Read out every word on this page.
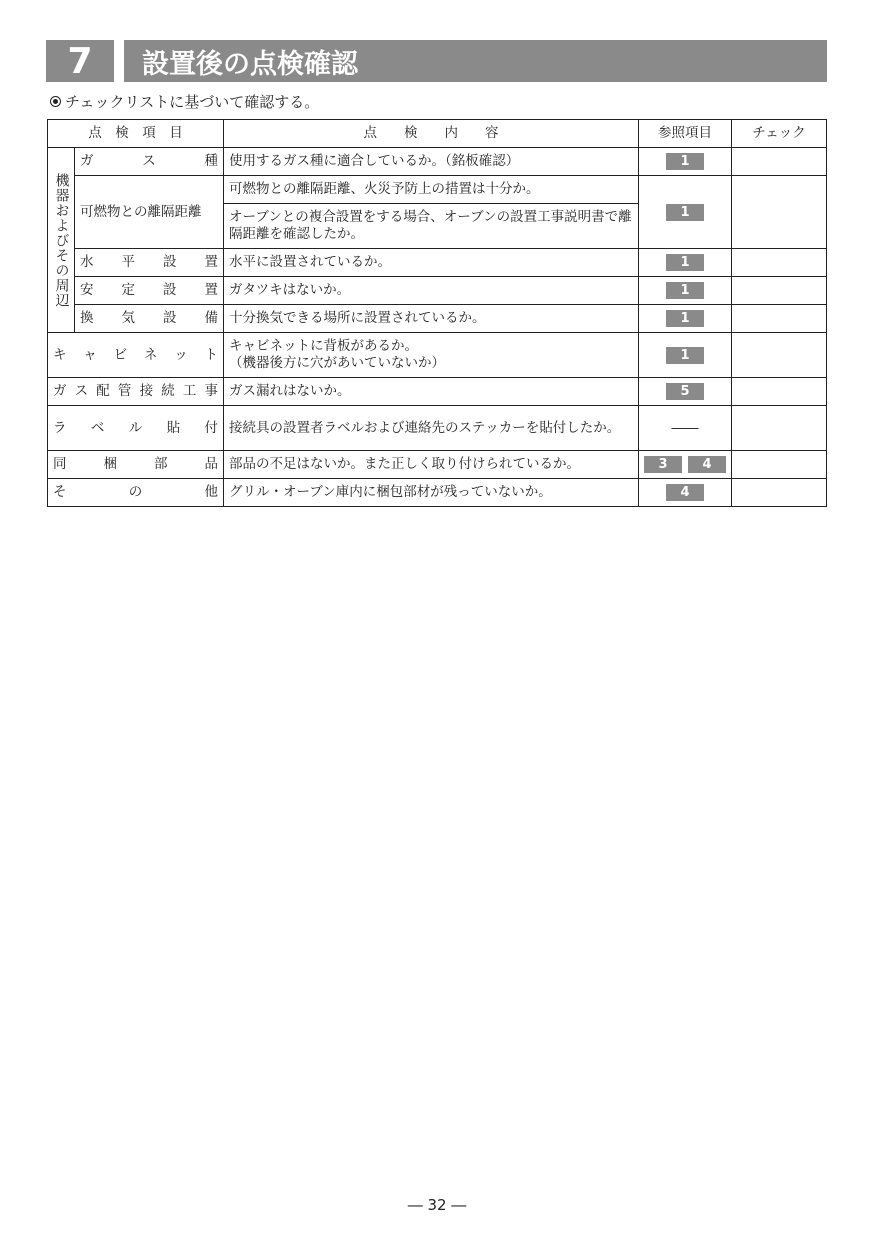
7	設置後の点検確認
チェックリストに基づいて確認する。
点　検　項　目		点　　検　　内　　容	参照項目	チェック
機器およびその周辺	ガス種	使用するガス種に適合しているか。（銘板確認）	1	
	可燃物との離隔距離	可燃物との離隔距離、火災予防上の措置は十分か。	1	
		オーブンとの複合設置をする場合、オーブンの設置工事説明書で離隔距離を確認したか。		
	水平設置	水平に設置されているか。	1	
	安定設置	ガタツキはないか。	1	
	換気設備	十分換気できる場所に設置されているか。	1	
キャビネット		キャビネットに背板があるか。
（機器後方に穴があいていないか）	1	
ガス配管接続工事		ガス漏れはないか。	5	
ラベル貼付		接続具の設置者ラベルおよび連絡先のステッカーを貼付したか。	――	
同梱部品		部品の不足はないか。また正しく取り付けられているか。	3 4	
その他		グリル・オーブン庫内に梱包部材が残っていないか。	4	
― 32 ―
